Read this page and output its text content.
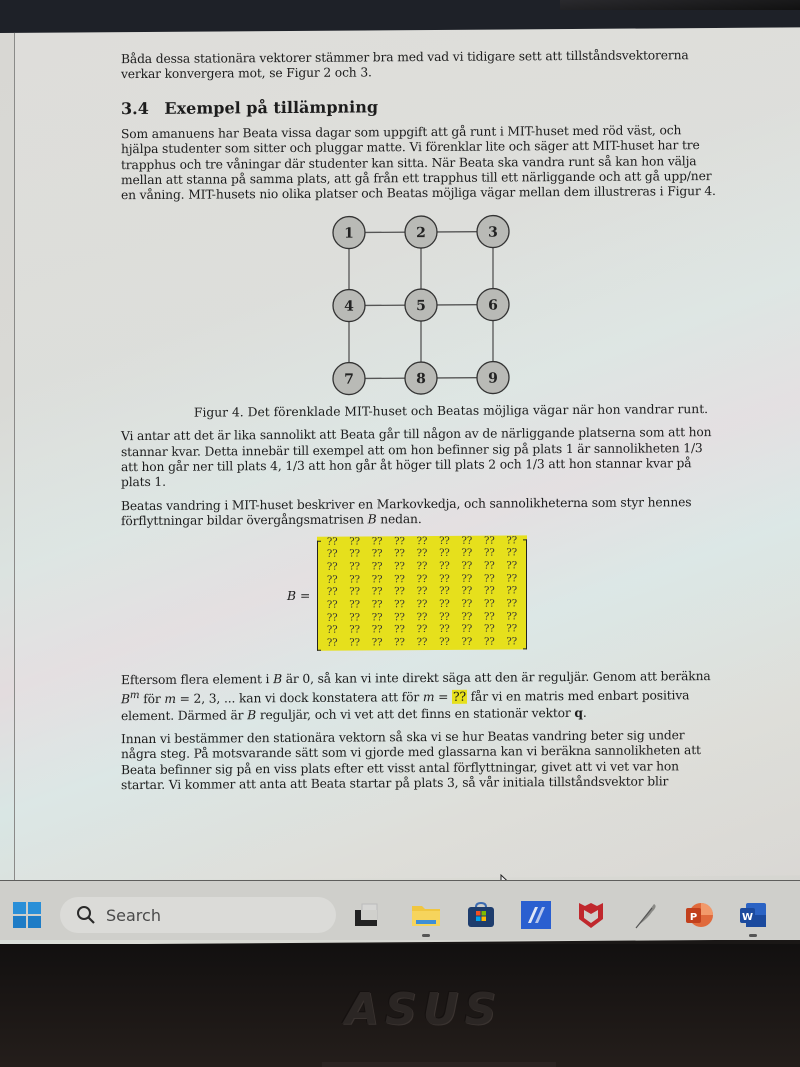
Båda dessa stationära vektorer stämmer bra med vad vi tidigare sett att tillståndsvektorerna verkar konvergera mot, se Figur 2 och 3.

3.4 Exempel på tillämpning

Som amanuens har Beata vissa dagar som uppgift att gå runt i MIT-huset med röd väst, och hjälpa studenter som sitter och pluggar matte. Vi förenklar lite och säger att MIT-huset har tre trapphus och tre våningar där studenter kan sitta. När Beata ska vandra runt så kan hon välja mellan att stanna på samma plats, att gå från ett trapphus till ett närliggande och att gå upp/ner en våning. MIT-husets nio olika platser och Beatas möjliga vägar mellan dem illustreras i Figur 4.

1	2	3
4	5	6
7	8	9

Figur 4. Det förenklade MIT-huset och Beatas möjliga vägar när hon vandrar runt.

Vi antar att det är lika sannolikt att Beata går till någon av de närliggande platserna som att hon stannar kvar. Detta innebär till exempel att om hon befinner sig på plats 1 är sannolikheten 1/3 att hon går ner till plats 4, 1/3 att hon går åt höger till plats 2 och 1/3 att hon stannar kvar på plats 1.

Beatas vandring i MIT-huset beskriver en Markovkedja, och sannolikheterna som styr hennes förflyttningar bildar övergångsmatrisen B nedan.

B =
??	??	??	??	??	??	??	??	??
??	??	??	??	??	??	??	??	??
??	??	??	??	??	??	??	??	??
??	??	??	??	??	??	??	??	??
??	??	??	??	??	??	??	??	??
??	??	??	??	??	??	??	??	??
??	??	??	??	??	??	??	??	??
??	??	??	??	??	??	??	??	??
??	??	??	??	??	??	??	??	??

Eftersom flera element i B är 0, så kan vi inte direkt säga att den är reguljär. Genom att beräkna $B^m$ för m = 2, 3, ... kan vi dock konstatera att för m = ?? får vi en matris med enbart positiva element. Därmed är B reguljär, och vi vet att det finns en stationär vektor q.

Innan vi bestämmer den stationära vektorn så ska vi se hur Beatas vandring beter sig under några steg. På motsvarande sätt som vi gjorde med glassarna kan vi beräkna sannolikheten att Beata befinner sig på en viss plats efter ett visst antal förflyttningar, givet att vi vet var hon startar. Vi kommer att anta att Beata startar på plats 3, så vår initiala tillståndsvektor blir

Search	P	W
ASUS
